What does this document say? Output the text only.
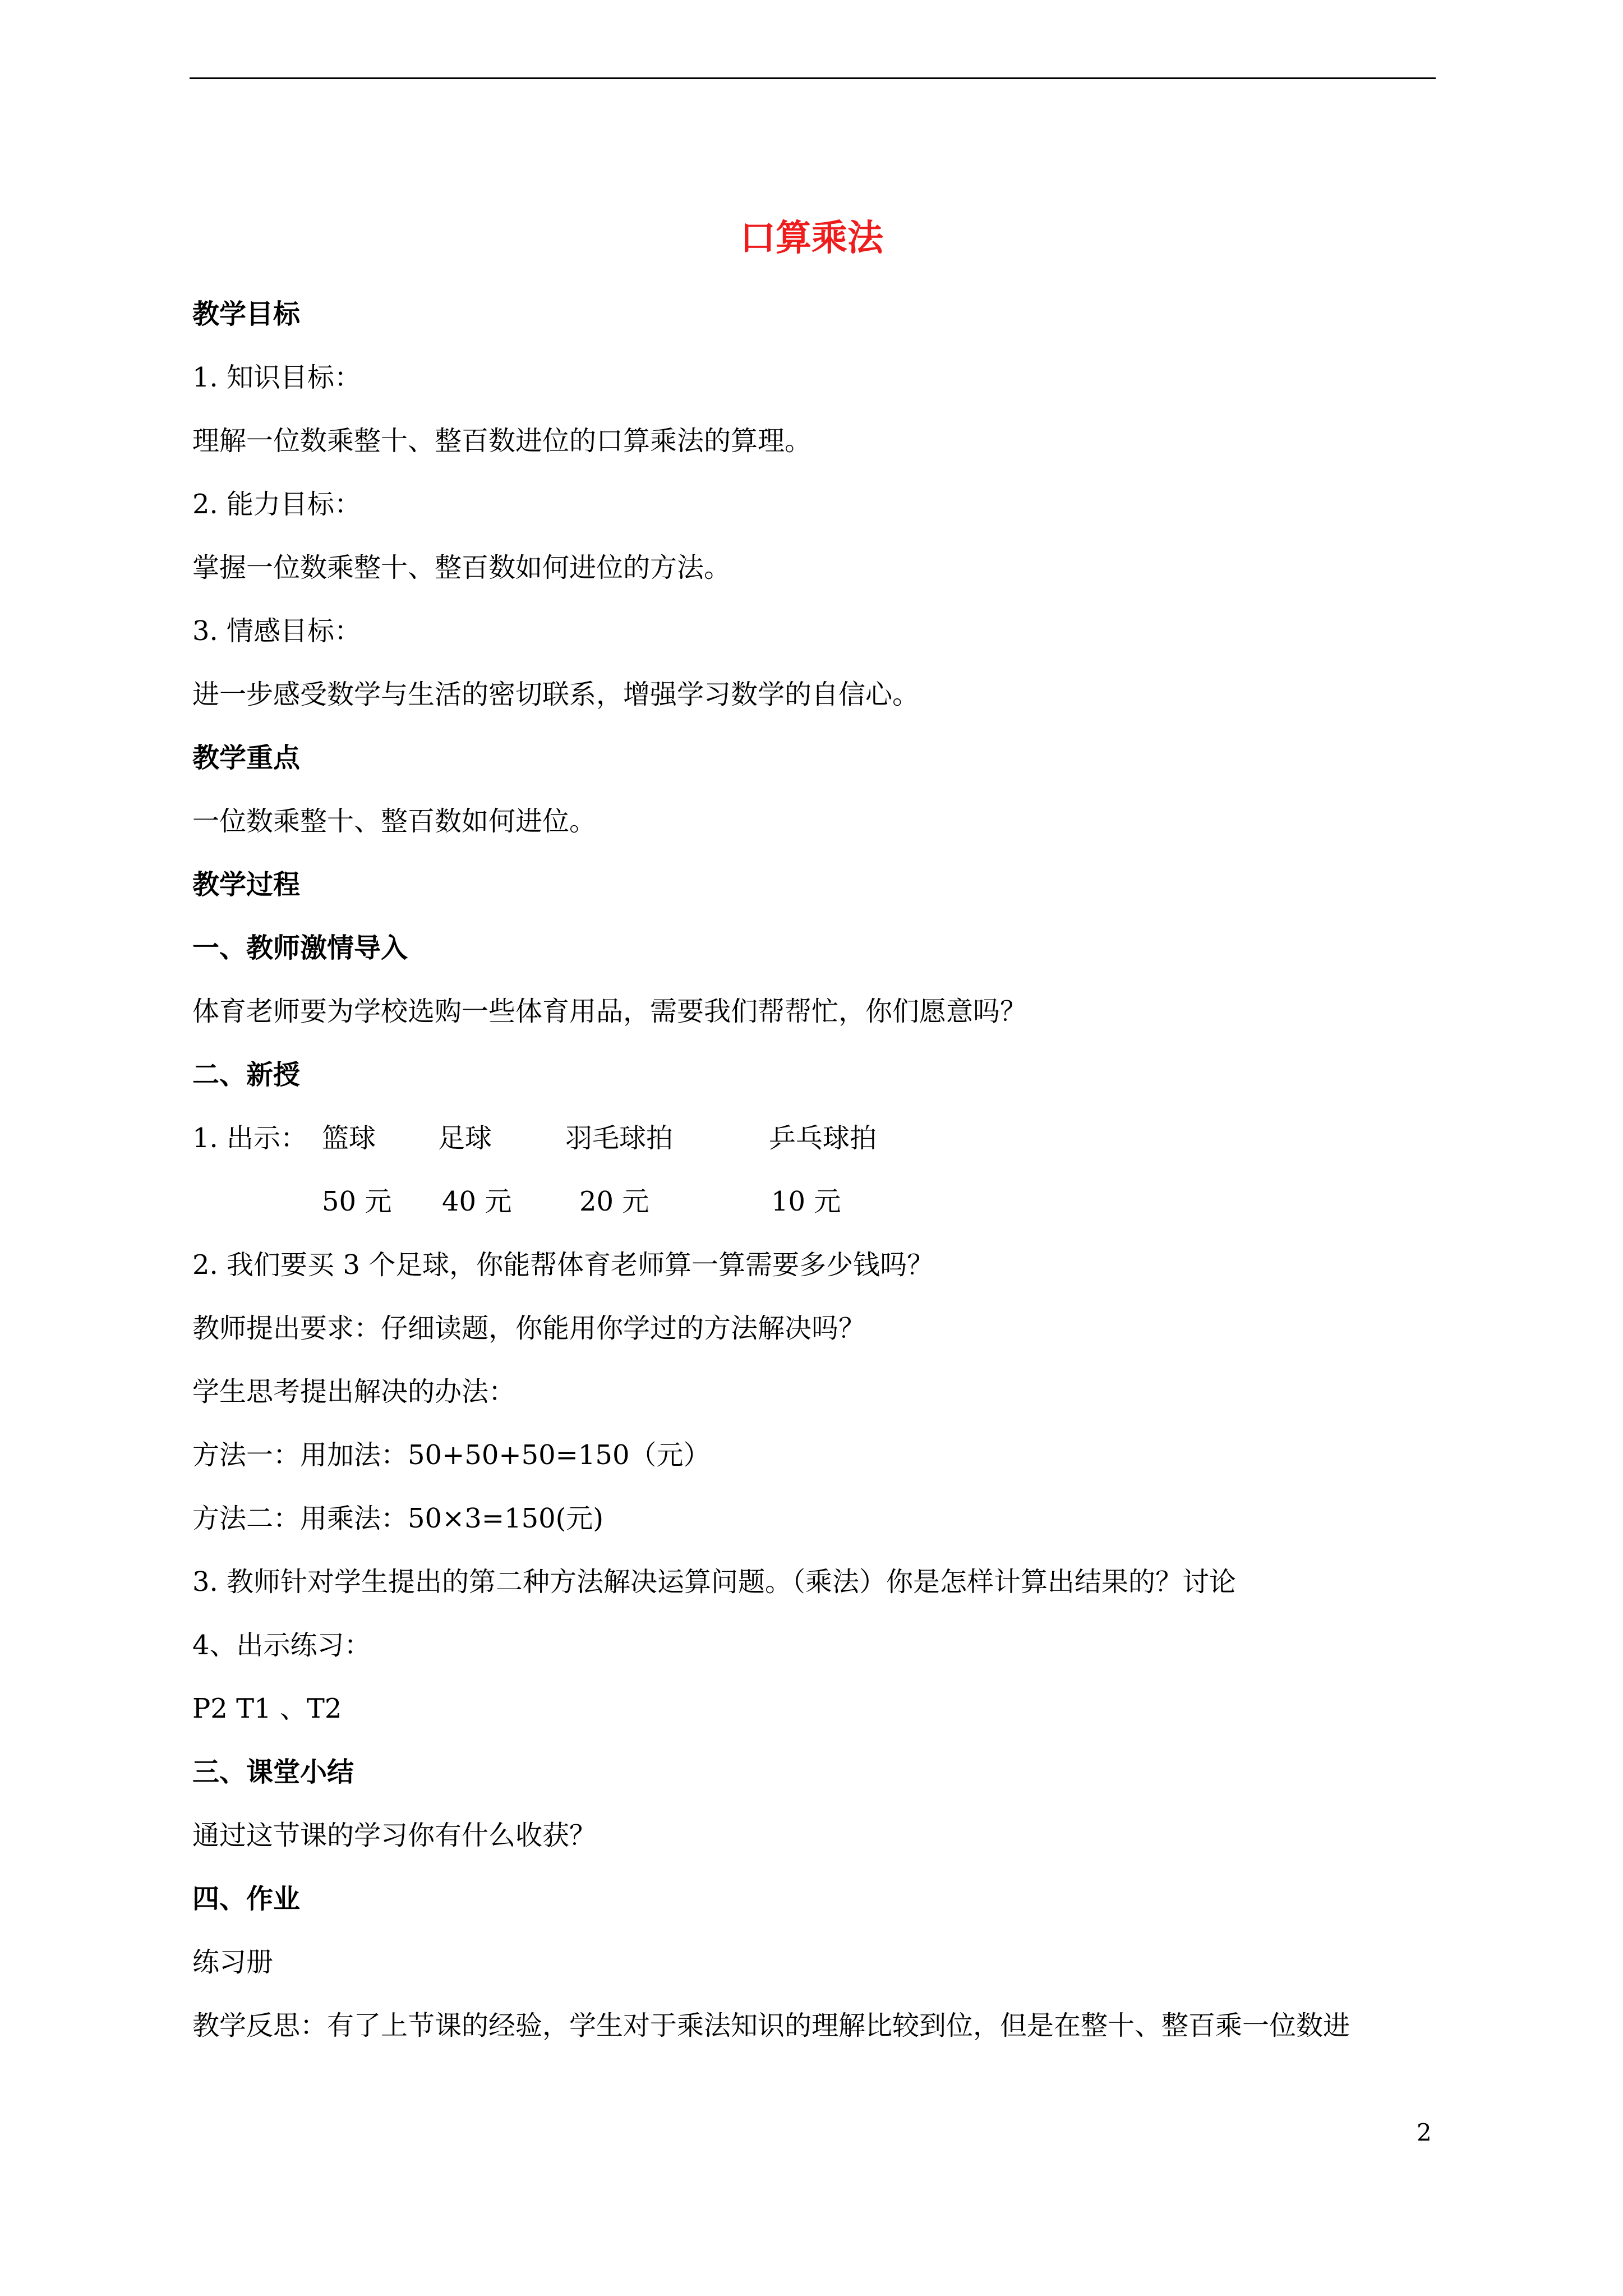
口算乘法
教学目标
1. 知识目标：
理解一位数乘整十、整百数进位的口算乘法的算理。
2. 能力目标：
掌握一位数乘整十、整百数如何进位的方法。
3. 情感目标：
进一步感受数学与生活的密切联系，增强学习数学的自信心。
教学重点
一位数乘整十、整百数如何进位。
教学过程
一、教师激情导入
体育老师要为学校选购一些体育用品，需要我们帮帮忙，你们愿意吗？
二、新授
1. 出示： 篮球 足球	羽毛球拍	乒乓球拍
50 元 40 元	20 元	10 元
2. 我们要买 3 个足球，你能帮体育老师算一算需要多少钱吗？
教师提出要求：仔细读题，你能用你学过的方法解决吗？
学生思考提出解决的办法：
方法一：用加法：50+50+50=150（元）
方法二：用乘法：50×3=150(元)
3. 教师针对学生提出的第二种方法解决运算问题。（乘法）你是怎样计算出结果的？讨论
4、出示练习：
P2 T1 、T2
三、课堂小结
通过这节课的学习你有什么收获？
四、作业
练习册
教学反思：有了上节课的经验，学生对于乘法知识的理解比较到位，但是在整十、整百乘一位数进
2
